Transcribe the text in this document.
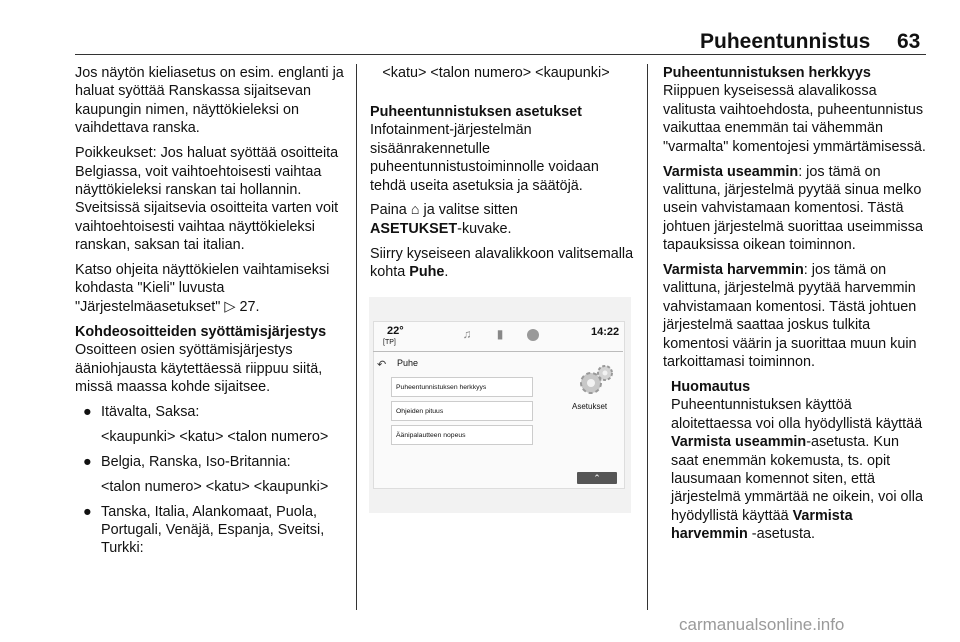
Puheentunnistus 63

Jos näytön kieliasetus on esim. englanti ja haluat syöttää Ranskassa sijaitsevan kaupungin nimen, näyttökieleksi on vaihdettava ranska.

Poikkeukset: Jos haluat syöttää osoitteita Belgiassa, voit vaihtoehtoisesti vaihtaa näyttökieleksi ranskan tai hollannin. Sveitsissä sijaitsevia osoitteita varten voit vaihtoehtoisesti vaihtaa näyttökieleksi ranskan, saksan tai italian.

Katso ohjeita näyttökielen vaihtamiseksi kohdasta "Kieli" luvusta "Järjestelmäasetukset" ▷ 27.

Kohdeosoitteiden syöttämisjärjestys

Osoitteen osien syöttämisjärjestys ääniohjausta käytettäessä riippuu siitä, missä maassa kohde sijaitsee.

● Itävalta, Saksa:

<kaupunki> <katu> <talon numero>

● Belgia, Ranska, Iso-Britannia:

<talon numero> <katu> <kaupunki>

● Tanska, Italia, Alankomaat, Puola, Portugali, Venäjä, Espanja, Sveitsi, Turkki:

<katu> <talon numero> <kaupunki>

Puheentunnistuksen asetukset

Infotainment-järjestelmän sisäänrakennetulle puheentunnistustoiminnolle voidaan tehdä useita asetuksia ja säätöjä.

Paina ⌂ ja valitse sitten
ASETUKSET-kuvake.

Siirry kyseiseen alavalikkoon valitsemalla kohta Puhe.

22°
[TP]
♫	▮	14:22
↶ Puhe
Puheentunnistuksen herkkyys
Ohjeiden pituus
Äänipalautteen nopeus
Asetukset
⌃

Puheentunnistuksen herkkyys

Riippuen kyseisessä alavalikossa valitusta vaihtoehdosta, puheentunnistus vaikuttaa enemmän tai vähemmän "varmalta" komentojesi ymmärtämisessä.

Varmista useammin: jos tämä on valittuna, järjestelmä pyytää sinua melko usein vahvistamaan komentosi. Tästä johtuen järjestelmä suorittaa useimmissa tapauksissa oikean toiminnon.

Varmista harvemmin: jos tämä on valittuna, järjestelmä pyytää harvemmin vahvistamaan komentosi. Tästä johtuen järjestelmä saattaa joskus tulkita komentosi väärin ja suorittaa muun kuin tarkoittamasi toiminnon.

Huomautus

Puheentunnistuksen käyttöä aloitettaessa voi olla hyödyllistä käyttää Varmista useammin-asetusta. Kun saat enemmän kokemusta, ts. opit lausumaan komennot siten, että järjestelmä ymmärtää ne oikein, voi olla hyödyllistä käyttää Varmista harvemmin -asetusta.

carmanualsonline.info
